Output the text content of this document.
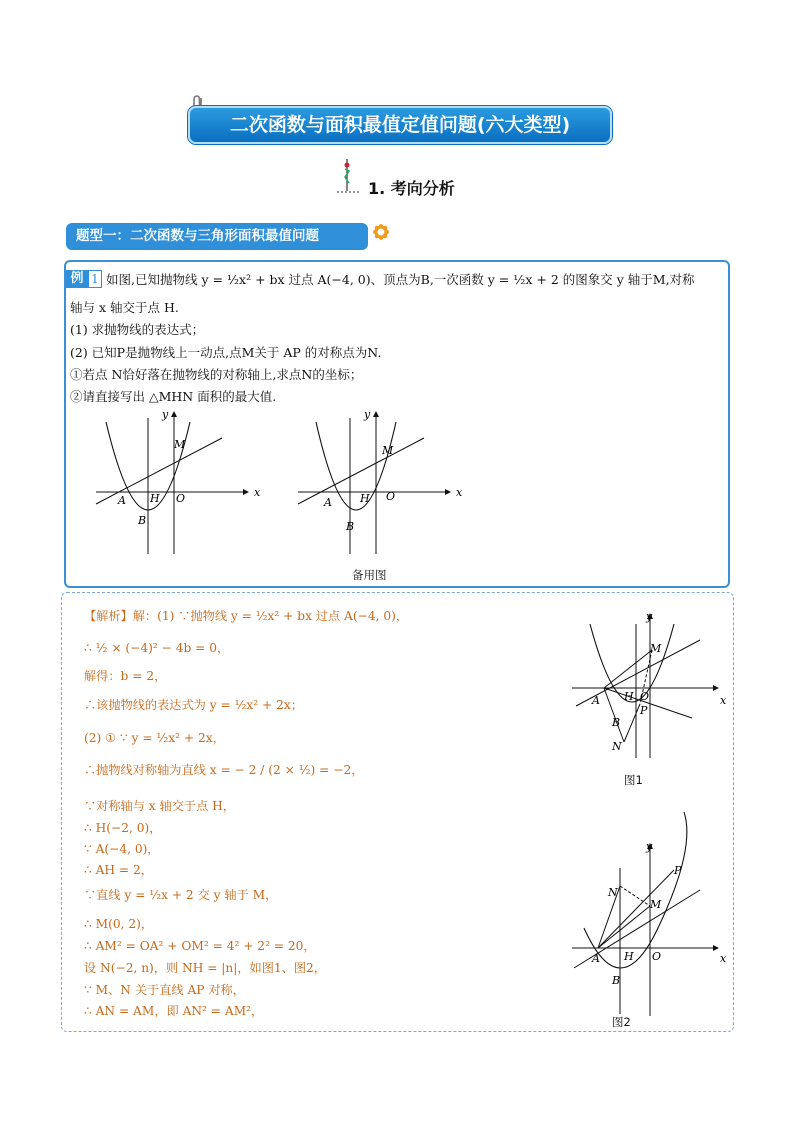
二次函数与面积最值定值问题(六大类型)
1. 考向分析
题型一：二次函数与三角形面积最值问题
例 1 如图,已知抛物线 y = ½x² + bx 过点 A(−4, 0)、顶点为B,一次函数 y = ½x + 2 的图象交 y 轴于M,对称
轴与 x 轴交于点 H.
(1) 求抛物线的表达式；
(2) 已知P是抛物线上一动点,点M关于 AP 的对称点为N.
①若点 N恰好落在抛物线的对称轴上,求点N的坐标；
②请直接写出 △MHN 面积的最大值.
x
y
A H O
B
M
x
y
A	H O
B
M
备用图
【解析】解：(1) ∵抛物线 y = ½x² + bx 过点 A(−4, 0)，
∴ ½ × (−4)² − 4b = 0，
解得：b = 2，
∴该抛物线的表达式为 y = ½x² + 2x；
(2) ① ∵ y = ½x² + 2x，
∴抛物线对称轴为直线 x = − 2 / (2 × ½) = −2，
∵对称轴与 x 轴交于点 H，
∴ H(−2, 0)，
∵ A(−4, 0)，
∴ AH = 2，
∵直线 y = ½x + 2 交 y 轴于 M，
∴ M(0, 2)，
∴ AM² = OA² + OM² = 4² + 2² = 20，
设 N(−2, n)，则 NH = |n|，如图1、图2，
∵ M、N 关于直线 AP 对称，
∴ AN = AM，即 AN² = AM²，
x
y
A H O
B
P
M
N
图1
x
y
A H O
B
M
N
P
图2
